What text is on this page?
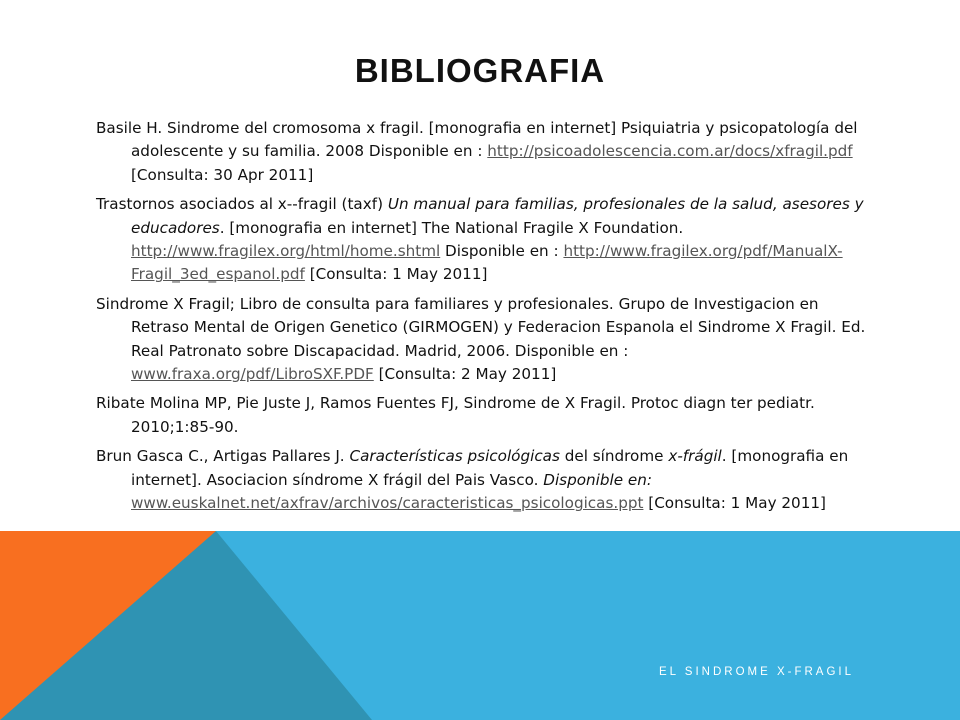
BIBLIOGRAFIA
Basile H. Sindrome del cromosoma x fragil. [monografia en internet] Psiquiatria y psicopatología del adolescente y su familia. 2008 Disponible en : http://psicoadolescencia.com.ar/docs/xfragil.pdf [Consulta: 30 Apr 2011]
Trastornos asociados al x--fragil (taxf) Un manual para familias, profesionales de la salud, asesores y educadores. [monografia en internet] The National Fragile X Foundation. http://www.fragilex.org/html/home.shtml Disponible en : http://www.fragilex.org/pdf/ManualX-Fragil_3ed_espanol.pdf [Consulta: 1 May 2011]
Sindrome X Fragil; Libro de consulta para familiares y profesionales. Grupo de Investigacion en Retraso Mental de Origen Genetico (GIRMOGEN) y Federacion Espanola el Sindrome X Fragil. Ed. Real Patronato sobre Discapacidad. Madrid, 2006. Disponible en : www.fraxa.org/pdf/LibroSXF.PDF [Consulta: 2 May 2011]
Ribate Molina MP, Pie Juste J, Ramos Fuentes FJ, Sindrome de X Fragil. Protoc diagn ter pediatr. 2010;1:85-90.
Brun Gasca C., Artigas Pallares J. Características psicológicas del síndrome x-frágil. [monografia en internet]. Asociacion síndrome X frágil del Pais Vasco. Disponible en: www.euskalnet.net/axfrav/archivos/caracteristicas_psicologicas.ppt [Consulta: 1 May 2011]
EL SINDROME X-FRAGIL
